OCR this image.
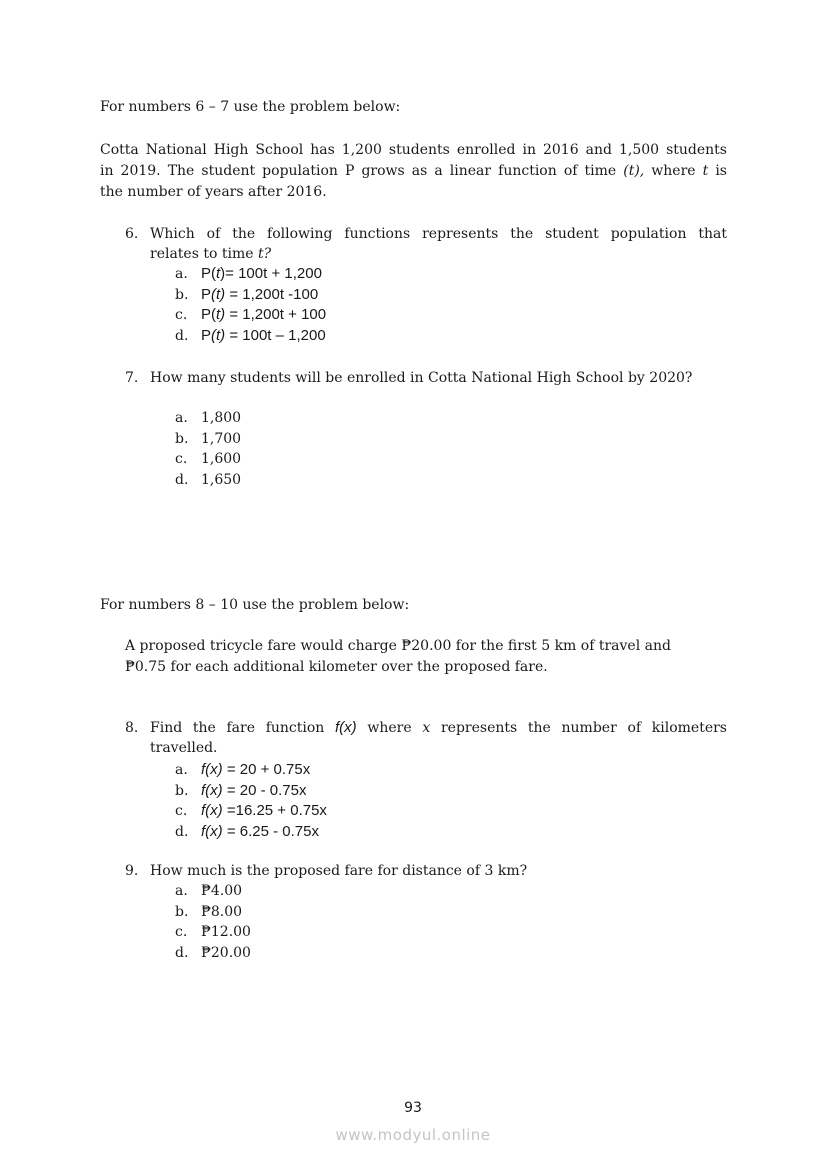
For numbers 6 – 7 use the problem below:
Cotta National High School has 1,200 students enrolled in 2016 and 1,500 students
in 2019. The student population P grows as a linear function of time (t), where t is
the number of years after 2016.
6. Which of the following functions represents the student population that
relates to time t?
a. P(t)= 100t + 1,200
b. P(t) = 1,200t -100
c. P(t) = 1,200t + 100
d. P(t) = 100t – 1,200
7. How many students will be enrolled in Cotta National High School by 2020?
a. 1,800
b. 1,700
c. 1,600
d. 1,650
For numbers 8 – 10 use the problem below:
A proposed tricycle fare would charge ₱20.00 for the first 5 km of travel and
₱0.75 for each additional kilometer over the proposed fare.
8. Find the fare function f(x) where x represents the number of kilometers
travelled.
a. f(x) = 20 + 0.75x
b. f(x) = 20 - 0.75x
c. f(x) =16.25 + 0.75x
d. f(x) = 6.25 - 0.75x
9. How much is the proposed fare for distance of 3 km?
a. ₱4.00
b. ₱8.00
c. ₱12.00
d. ₱20.00
93
www.modyul.online
